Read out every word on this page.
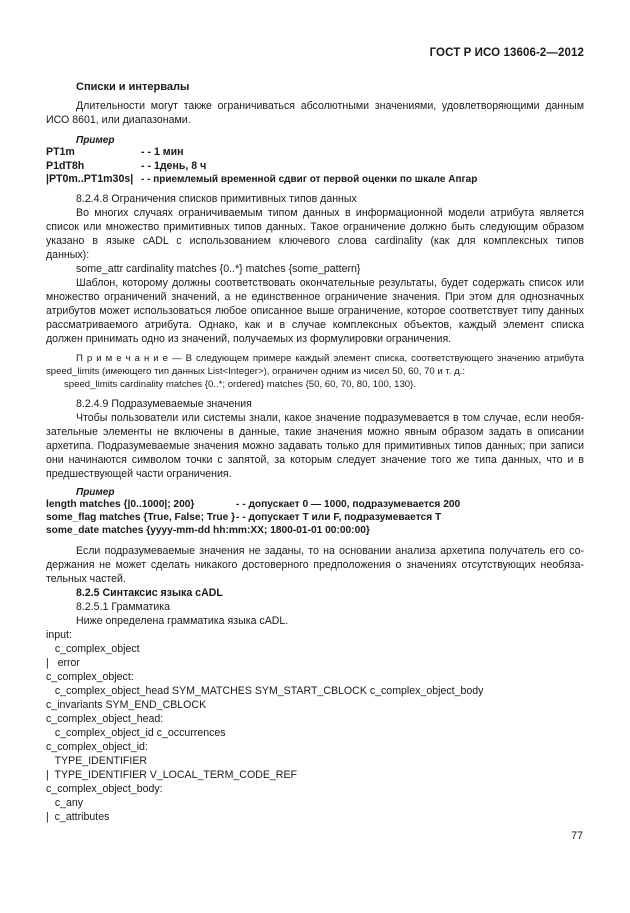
ГОСТ Р ИСО 13606-2—2012
Списки и интервалы
Длительности могут также ограничиваться абсолютными значениями, удовлетворяющими данным
ИСО 8601, или диапазонами.
Пример
PT1m	- - 1 мин
P1dT8h	- - 1день, 8 ч
|PT0m..PT1m30s| - - приемлемый временной сдвиг от первой оценки по шкале Апгар
8.2.4.8 Ограничения списков примитивных типов данных
Во многих случаях ограничиваемым типом данных в информационной модели атрибута является
список или множество примитивных типов данных. Такое ограничение должно быть следующим образом
указано в языке cADL с использованием ключевого слова cardinality (как для комплексных типов
данных):
some_attr cardinality matches {0..*} matches {some_pattern}
Шаблон, которому должны соответствовать окончательные результаты, будет содержать список или
множество ограничений значений, а не единственное ограничение значения. При этом для однозначных
атрибутов может использоваться любое описанное выше ограничение, которое соответствует типу данных
рассматриваемого атрибута. Однако, как и в случае комплексных объектов, каждый элемент списка
должен принимать одно из значений, получаемых из формулировки ограничения.
П р и м е ч а н и е — В следующем примере каждый элемент списка, соответствующего значению атрибута
speed_limits (имеющего тип данных List<Integer>), ограничен одним из чисел 50, 60, 70 и т. д.:
speed_limits cardinality matches {0..*; ordered} matches {50, 60, 70, 80, 100, 130}.
8.2.4.9 Подразумеваемые значения
Чтобы пользователи или системы знали, какое значение подразумевается в том случае, если необя-
зательные элементы не включены в данные, такие значения можно явным образом задать в описании
архетипа. Подразумеваемые значения можно задавать только для примитивных типов данных; при записи
они начинаются символом точки с запятой, за которым следует значение того же типа данных, что и в
предшествующей части ограничения.
Пример
length matches {|0..1000|; 200}	- - допускает 0 — 1000, подразумевается 200
some_flag matches {True, False; True } - - допускает T или F, подразумевается T
some_date matches {yyyy-mm-dd hh:mm:XX; 1800-01-01 00:00:00}
Если подразумеваемые значения не заданы, то на основании анализа архетипа получатель его со-
держания не может сделать никакого достоверного предположения о значениях отсутствующих необяза-
тельных частей.
8.2.5 Синтаксис языка cADL
8.2.5.1 Грамматика
Ниже определена грамматика языка cADL.
input:
c_complex_object
|   error
c_complex_object:
c_complex_object_head SYM_MATCHES SYM_START_CBLOCK c_complex_object_body
c_invariants SYM_END_CBLOCK
c_complex_object_head:
c_complex_object_id c_occurrences
c_complex_object_id:
TYPE_IDENTIFIER
|  TYPE_IDENTIFIER V_LOCAL_TERM_CODE_REF
c_complex_object_body:
c_any
|  c_attributes
77
